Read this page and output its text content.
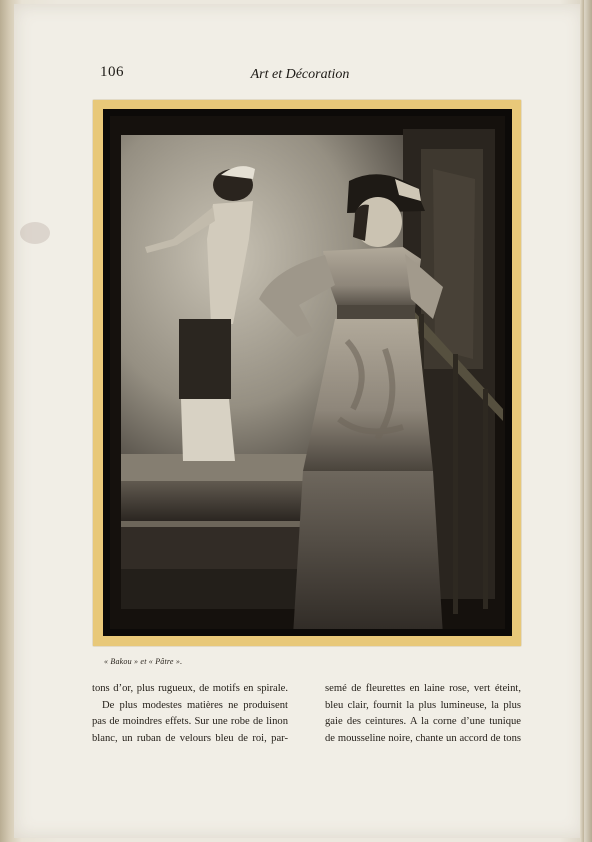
106	Art et Décoration
« Bakou » et « Pâtre ».
tons d’or, plus rugueux, de motifs en spirale.
De plus modestes matières ne produisent
pas de moindres effets. Sur une robe de linon
blanc, un ruban de velours bleu de roi, par-
semé de fleurettes en laine rose, vert éteint,
bleu clair, fournit la plus lumineuse, la plus
gaie des ceintures. A la corne d’une tunique
de mousseline noire, chante un accord de tons
